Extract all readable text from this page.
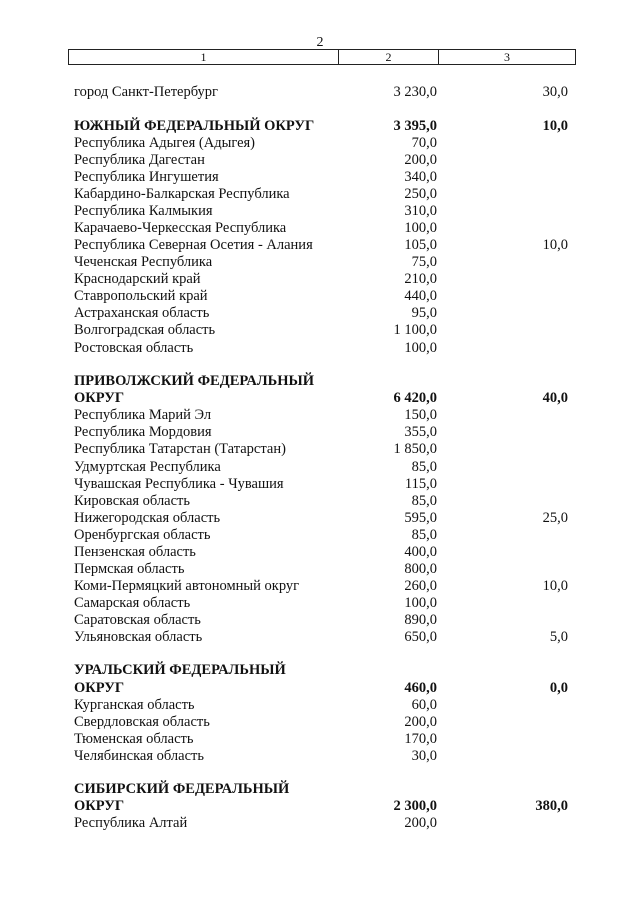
2
1	2	3
город Санкт-Петербург	3 230,0	30,0
ЮЖНЫЙ ФЕДЕРАЛЬНЫЙ ОКРУГ	3 395,0	10,0
Республика Адыгея (Адыгея)	70,0
Республика Дагестан	200,0
Республика Ингушетия	340,0
Кабардино-Балкарская Республика	250,0
Республика Калмыкия	310,0
Карачаево-Черкесская Республика	100,0
Республика Северная Осетия - Алания	105,0	10,0
Чеченская Республика	75,0
Краснодарский край	210,0
Ставропольский край	440,0
Астраханская область	95,0
Волгоградская область	1 100,0
Ростовская область	100,0
ПРИВОЛЖСКИЙ ФЕДЕРАЛЬНЫЙ
ОКРУГ	6 420,0	40,0
Республика Марий Эл	150,0
Республика Мордовия	355,0
Республика Татарстан (Татарстан)	1 850,0
Удмуртская Республика	85,0
Чувашская Республика - Чувашия	115,0
Кировская область	85,0
Нижегородская область	595,0	25,0
Оренбургская область	85,0
Пензенская область	400,0
Пермская область	800,0
Коми-Пермяцкий автономный округ	260,0	10,0
Самарская область	100,0
Саратовская область	890,0
Ульяновская область	650,0	5,0
УРАЛЬСКИЙ ФЕДЕРАЛЬНЫЙ
ОКРУГ	460,0	0,0
Курганская область	60,0
Свердловская область	200,0
Тюменская область	170,0
Челябинская область	30,0
СИБИРСКИЙ ФЕДЕРАЛЬНЫЙ
ОКРУГ	2 300,0	380,0
Республика Алтай	200,0
